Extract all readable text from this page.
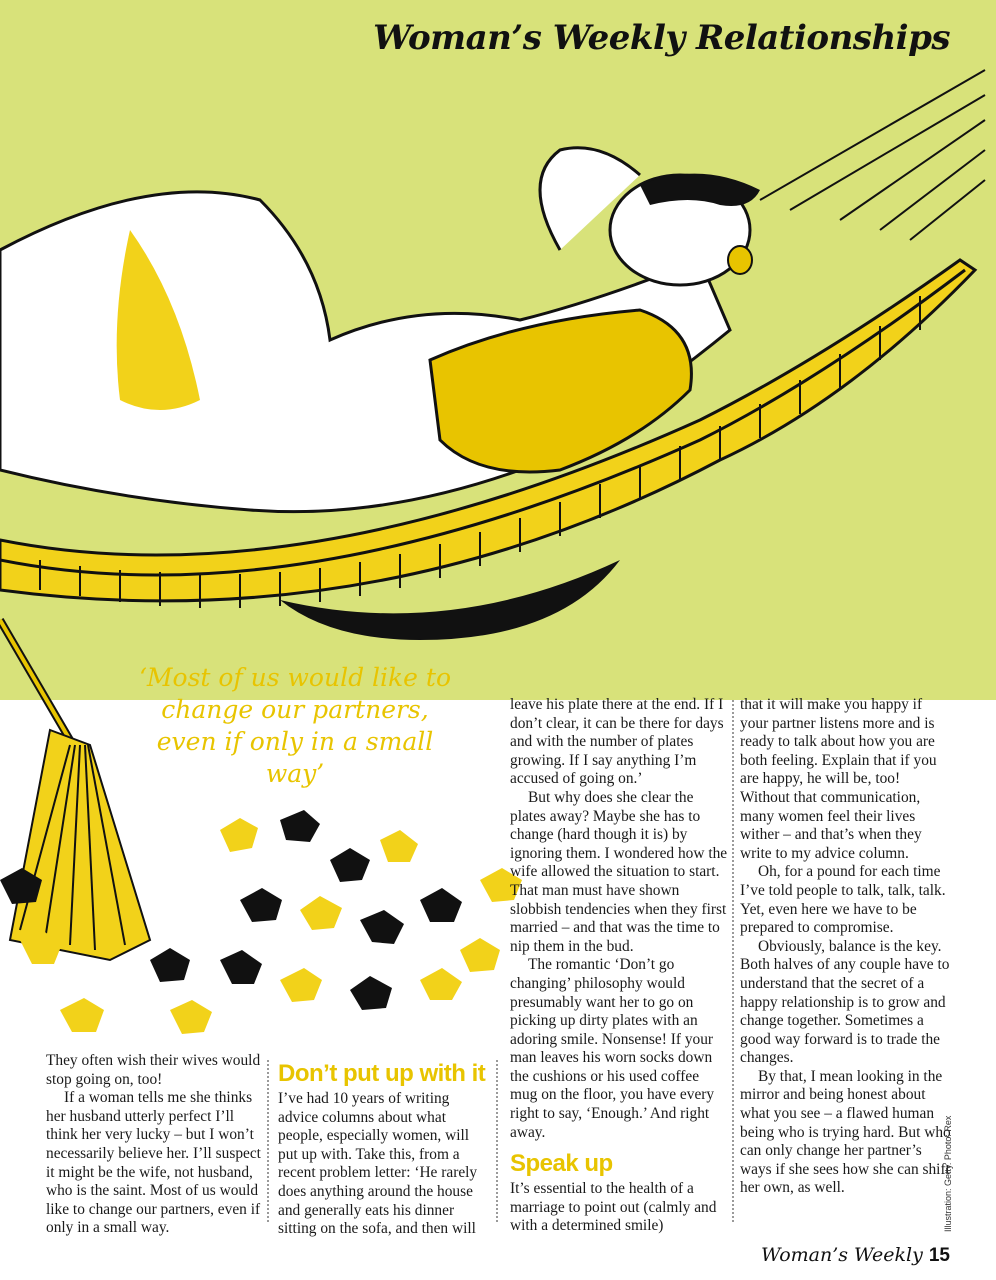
Woman’s Weekly Relationships
‘Most of us would like to change our partners, even if only in a small way’

They often wish their wives would stop going on, too!

If a woman tells me she thinks her husband utterly perfect I’ll think her very lucky – but I won’t necessarily believe her. I’ll suspect it might be the wife, not husband, who is the saint. Most of us would like to change our partners, even if only in a small way.

Don’t put up with it

I’ve had 10 years of writing advice columns about what people, especially women, will put up with. Take this, from a recent problem letter: ‘He rarely does anything around the house and generally eats his dinner sitting on the sofa, and then will

leave his plate there at the end. If I don’t clear, it can be there for days and with the number of plates growing. If I say anything I’m accused of going on.’

But why does she clear the plates away? Maybe she has to change (hard though it is) by ignoring them. I wondered how the wife allowed the situation to start. That man must have shown slobbish tendencies when they first married – and that was the time to nip them in the bud.

The romantic ‘Don’t go changing’ philosophy would presumably want her to go on picking up dirty plates with an adoring smile. Nonsense! If your man leaves his worn socks down the cushions or his used coffee mug on the floor, you have every right to say, ‘Enough.’ And right away.

Speak up

It’s essential to the health of a marriage to point out (calmly and with a determined smile)

that it will make you happy if your partner listens more and is ready to talk about how you are both feeling. Explain that if you are happy, he will be, too! Without that communication, many women feel their lives wither – and that’s when they write to my advice column.

Oh, for a pound for each time I’ve told people to talk, talk, talk. Yet, even here we have to be prepared to compromise.

Obviously, balance is the key. Both halves of any couple have to understand that the secret of a happy relationship is to grow and change together. Sometimes a good way forward is to trade the changes.

By that, I mean looking in the mirror and being honest about what you see – a flawed human being who is trying hard. But who can only change her partner’s ways if she sees how she can shift her own, as well.	Illustration: Getty. Photo: Rex
Woman’s Weekly 15
